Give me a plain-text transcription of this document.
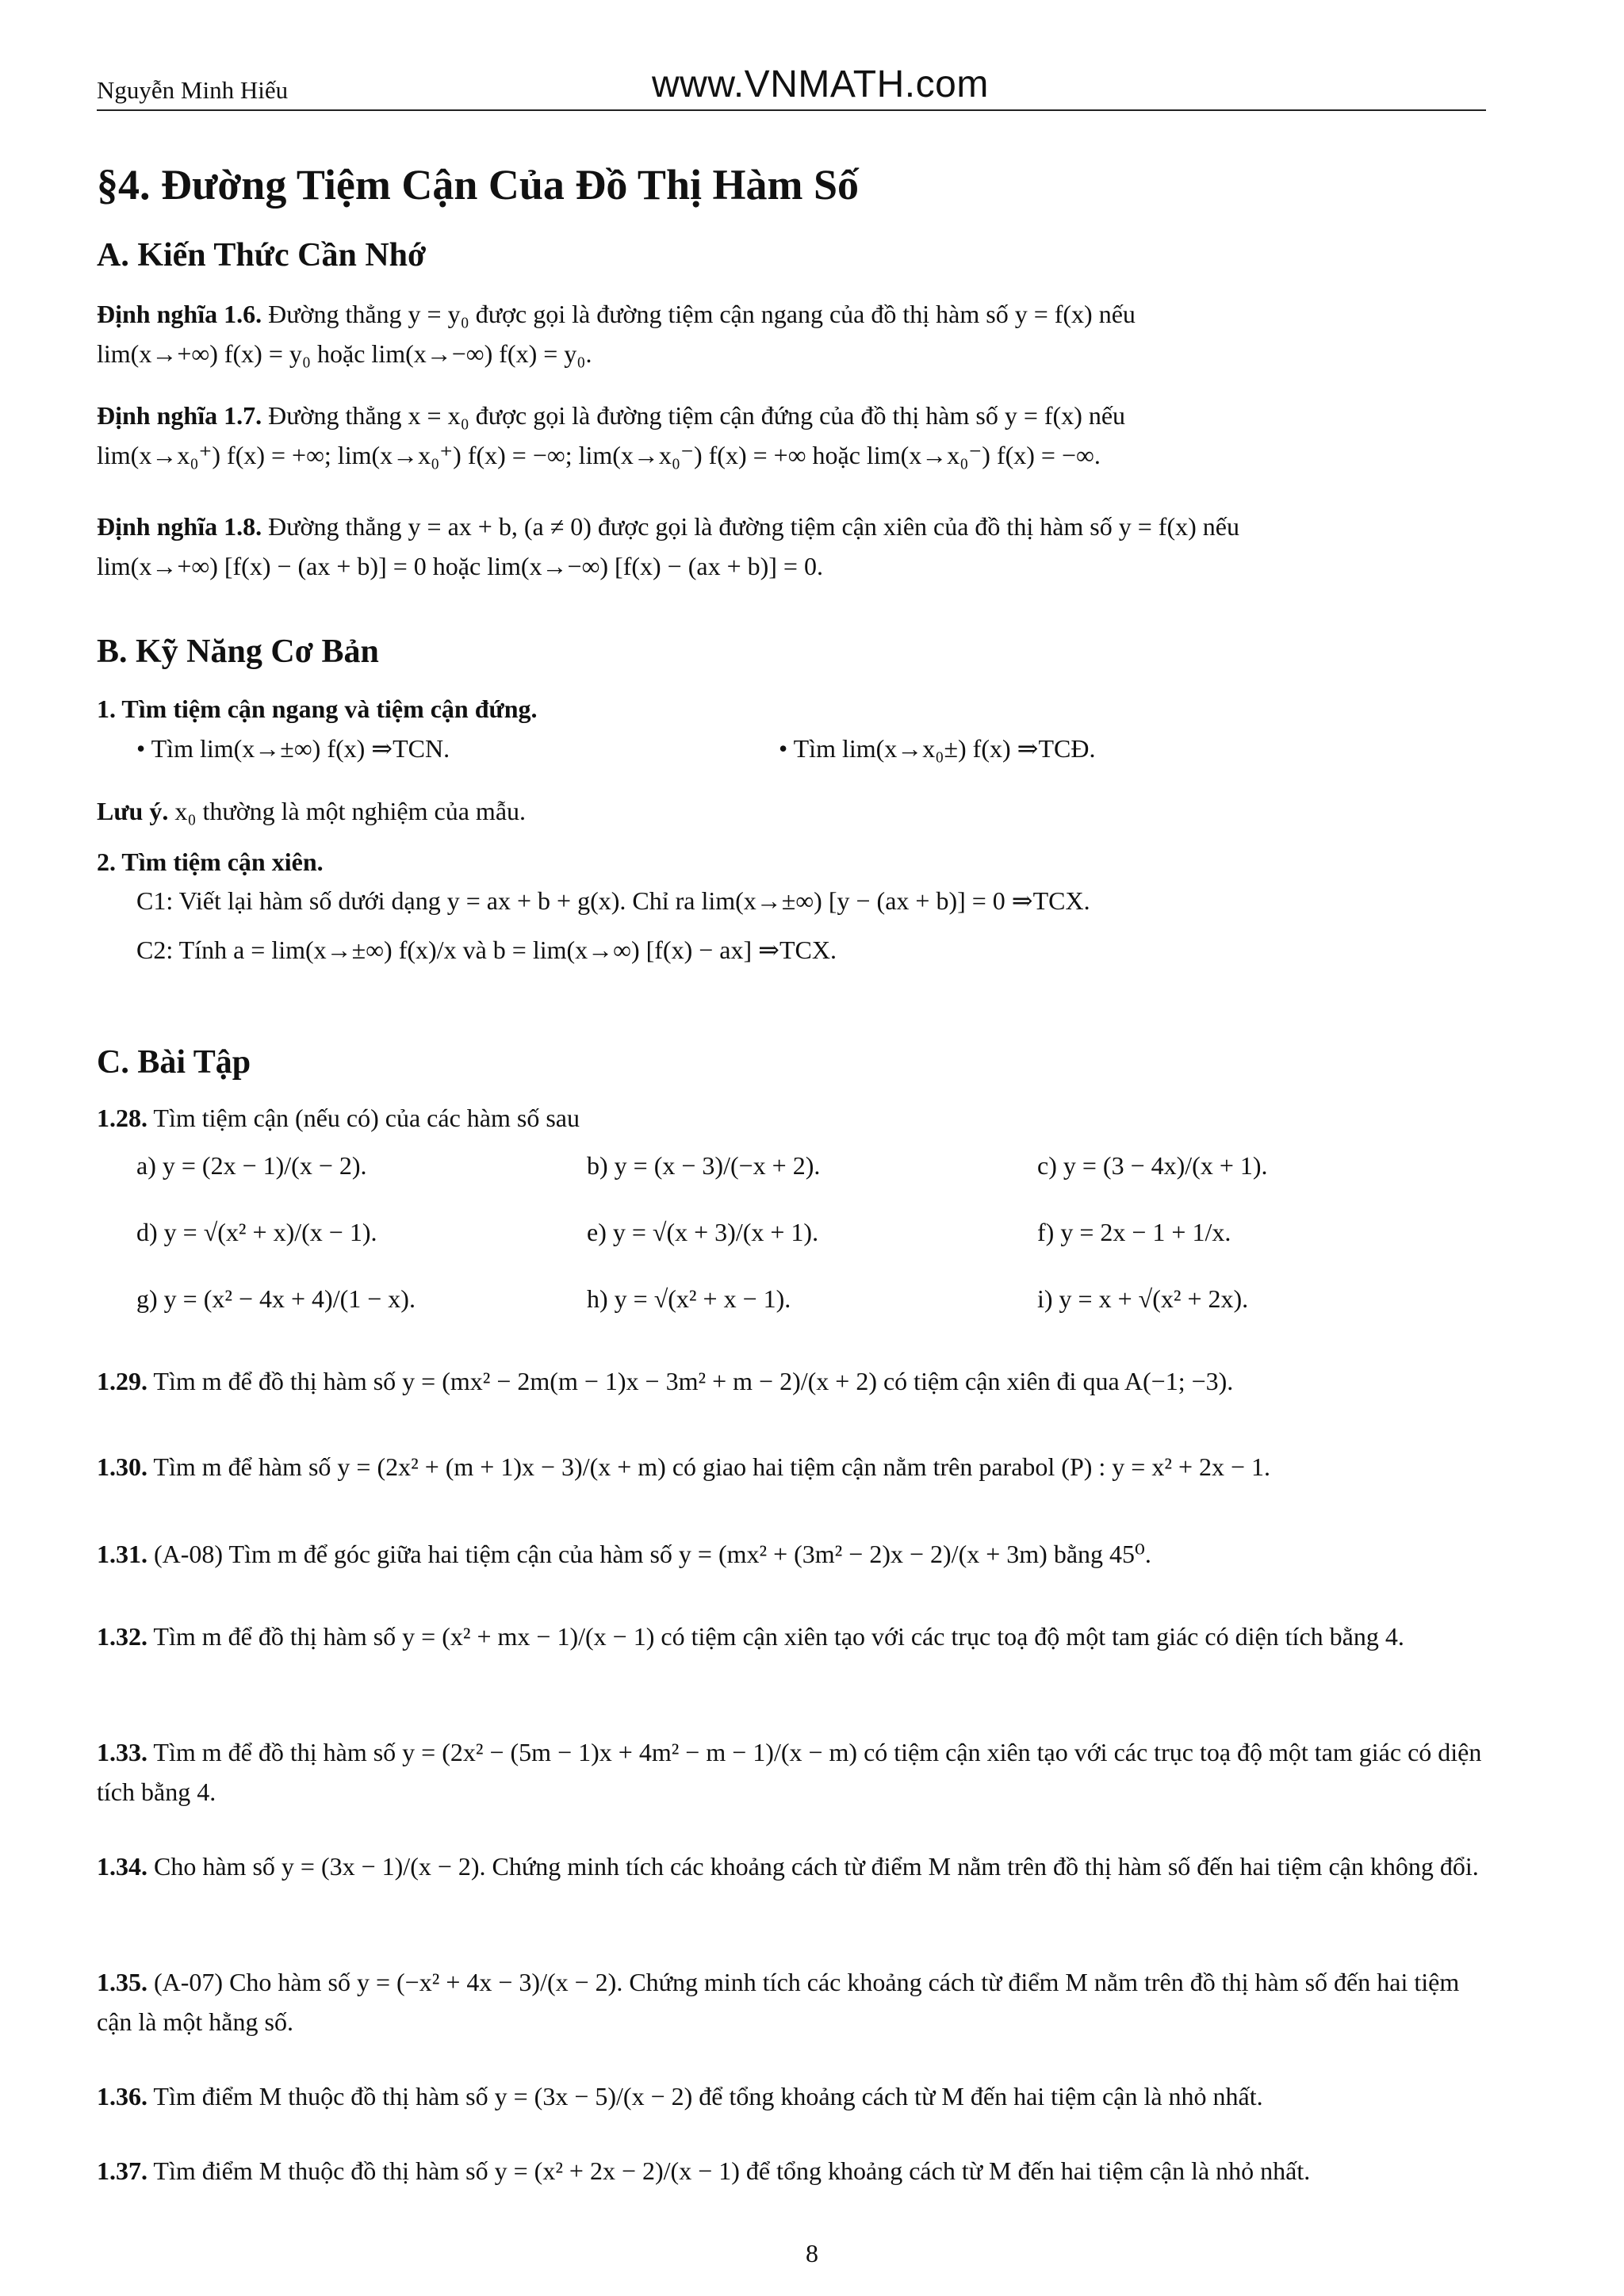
Nguyễn Minh Hiếu	www.VNMATH.com
§4. Đường Tiệm Cận Của Đồ Thị Hàm Số
A. Kiến Thức Cần Nhớ

Định nghĩa 1.6. Đường thẳng y = y₀ được gọi là đường tiệm cận ngang của đồ thị hàm số y = f(x) nếu

lim(x→+∞) f(x) = y₀ hoặc lim(x→−∞) f(x) = y₀.

Định nghĩa 1.7. Đường thẳng x = x₀ được gọi là đường tiệm cận đứng của đồ thị hàm số y = f(x) nếu

lim(x→x₀⁺) f(x) = +∞; lim(x→x₀⁺) f(x) = −∞; lim(x→x₀⁻) f(x) = +∞ hoặc lim(x→x₀⁻) f(x) = −∞.

Định nghĩa 1.8. Đường thẳng y = ax + b, (a ≠ 0) được gọi là đường tiệm cận xiên của đồ thị hàm số y = f(x) nếu

lim(x→+∞) [f(x) − (ax + b)] = 0 hoặc lim(x→−∞) [f(x) − (ax + b)] = 0.

B. Kỹ Năng Cơ Bản

1. Tìm tiệm cận ngang và tiệm cận đứng.

• Tìm lim(x→±∞) f(x) ⇒TCN.	• Tìm lim(x→x₀±) f(x) ⇒TCĐ.

Lưu ý. x₀ thường là một nghiệm của mẫu.

2. Tìm tiệm cận xiên.

C1: Viết lại hàm số dưới dạng y = ax + b + g(x). Chỉ ra lim(x→±∞) [y − (ax + b)] = 0 ⇒TCX.

C2: Tính a = lim(x→±∞) f(x)/x và b = lim(x→∞) [f(x) − ax] ⇒TCX.

C. Bài Tập

1.28. Tìm tiệm cận (nếu có) của các hàm số sau

a) y = (2x − 1)/(x − 2).	b) y = (x − 3)/(−x + 2).	c) y = (3 − 4x)/(x + 1).

d) y = √(x² + x)/(x − 1).	e) y = √(x + 3)/(x + 1).	f) y = 2x − 1 + 1/x.

g) y = (x² − 4x + 4)/(1 − x).	h) y = √(x² + x − 1).	i) y = x + √(x² + 2x).

1.29. Tìm m để đồ thị hàm số y = (mx² − 2m(m − 1)x − 3m² + m − 2)/(x + 2) có tiệm cận xiên đi qua A(−1; −3).

1.30. Tìm m để hàm số y = (2x² + (m + 1)x − 3)/(x + m) có giao hai tiệm cận nằm trên parabol (P) : y = x² + 2x − 1.

1.31. (A-08) Tìm m để góc giữa hai tiệm cận của hàm số y = (mx² + (3m² − 2)x − 2)/(x + 3m) bằng 45⁰.

1.32. Tìm m để đồ thị hàm số y = (x² + mx − 1)/(x − 1) có tiệm cận xiên tạo với các trục toạ độ một tam giác có diện tích bằng 4.

1.33. Tìm m để đồ thị hàm số y = (2x² − (5m − 1)x + 4m² − m − 1)/(x − m) có tiệm cận xiên tạo với các trục toạ độ một tam giác có diện tích bằng 4.

1.34. Cho hàm số y = (3x − 1)/(x − 2). Chứng minh tích các khoảng cách từ điểm M nằm trên đồ thị hàm số đến hai tiệm cận không đổi.

1.35. (A-07) Cho hàm số y = (−x² + 4x − 3)/(x − 2). Chứng minh tích các khoảng cách từ điểm M nằm trên đồ thị hàm số đến hai tiệm cận là một hằng số.

1.36. Tìm điểm M thuộc đồ thị hàm số y = (3x − 5)/(x − 2) để tổng khoảng cách từ M đến hai tiệm cận là nhỏ nhất.

1.37. Tìm điểm M thuộc đồ thị hàm số y = (x² + 2x − 2)/(x − 1) để tổng khoảng cách từ M đến hai tiệm cận là nhỏ nhất.

8
